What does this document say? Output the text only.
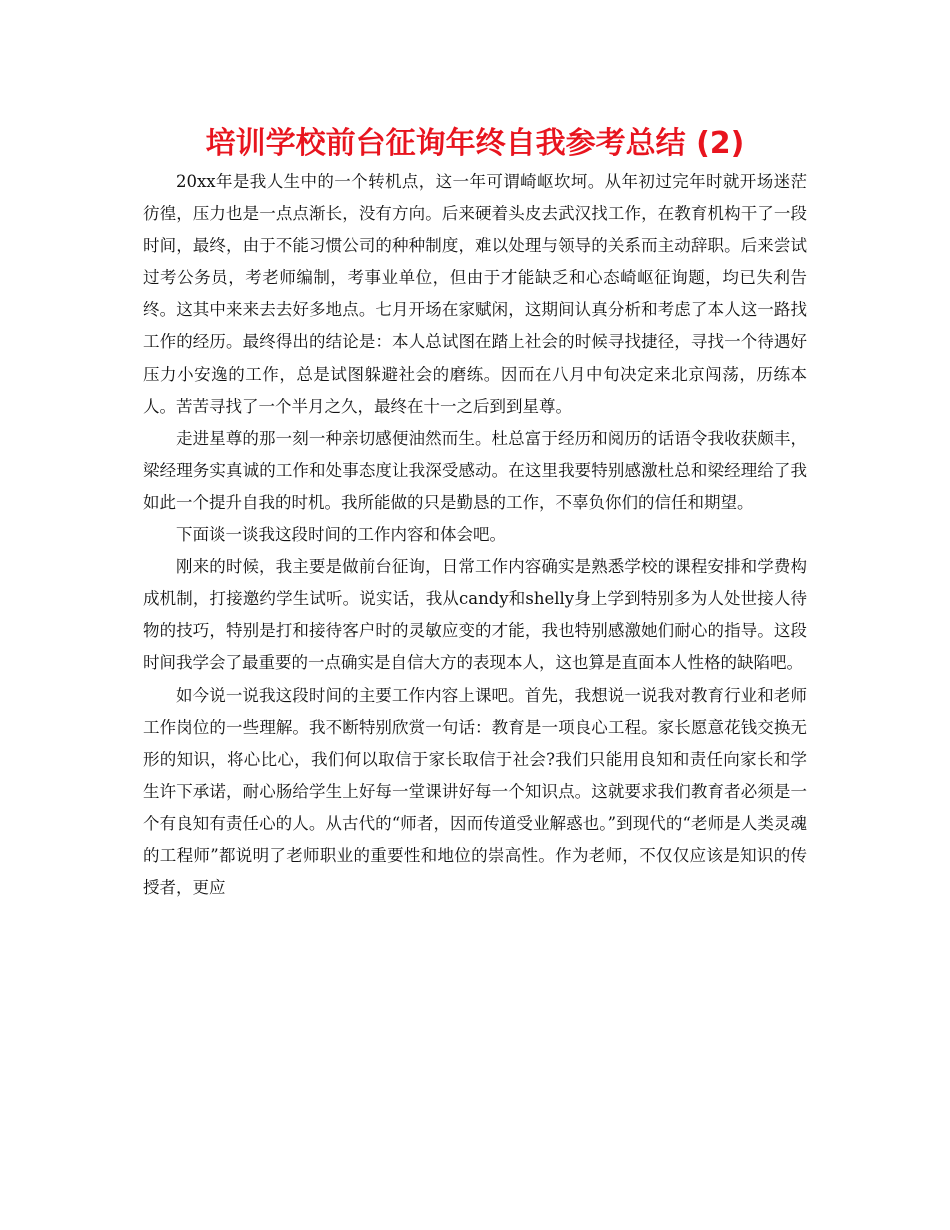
培训学校前台征询年终自我参考总结 (2)

20xx年是我人生中的一个转机点，这一年可谓崎岖坎坷。从年初过完年时就开场迷茫彷徨，压力也是一点点渐长，没有方向。后来硬着头皮去武汉找工作，在教育机构干了一段时间，最终，由于不能习惯公司的种种制度，难以处理与领导的关系而主动辞职。后来尝试过考公务员，考老师编制，考事业单位，但由于才能缺乏和心态崎岖征询题，均已失利告终。这其中来来去去好多地点。七月开场在家赋闲，这期间认真分析和考虑了本人这一路找工作的经历。最终得出的结论是：本人总试图在踏上社会的时候寻找捷径，寻找一个待遇好压力小安逸的工作，总是试图躲避社会的磨练。因而在八月中旬决定来北京闯荡，历练本人。苦苦寻找了一个半月之久，最终在十一之后到到星尊。

走进星尊的那一刻一种亲切感便油然而生。杜总富于经历和阅历的话语令我收获颇丰，梁经理务实真诚的工作和处事态度让我深受感动。在这里我要特别感激杜总和梁经理给了我如此一个提升自我的时机。我所能做的只是勤恳的工作，不辜负你们的信任和期望。

下面谈一谈我这段时间的工作内容和体会吧。

刚来的时候，我主要是做前台征询，日常工作内容确实是熟悉学校的课程安排和学费构成机制，打接邀约学生试听。说实话，我从candy和shelly身上学到特别多为人处世接人待物的技巧，特别是打和接待客户时的灵敏应变的才能，我也特别感激她们耐心的指导。这段时间我学会了最重要的一点确实是自信大方的表现本人，这也算是直面本人性格的缺陷吧。

如今说一说我这段时间的主要工作内容上课吧。首先，我想说一说我对教育行业和老师工作岗位的一些理解。我不断特别欣赏一句话：教育是一项良心工程。家长愿意花钱交换无形的知识，将心比心，我们何以取信于家长取信于社会?我们只能用良知和责任向家长和学生许下承诺，耐心肠给学生上好每一堂课讲好每一个知识点。这就要求我们教育者必须是一个有良知有责任心的人。从古代的“师者，因而传道受业解惑也。”到现代的“老师是人类灵魂的工程师”都说明了老师职业的重要性和地位的崇高性。作为老师，不仅仅应该是知识的传授者，更应
